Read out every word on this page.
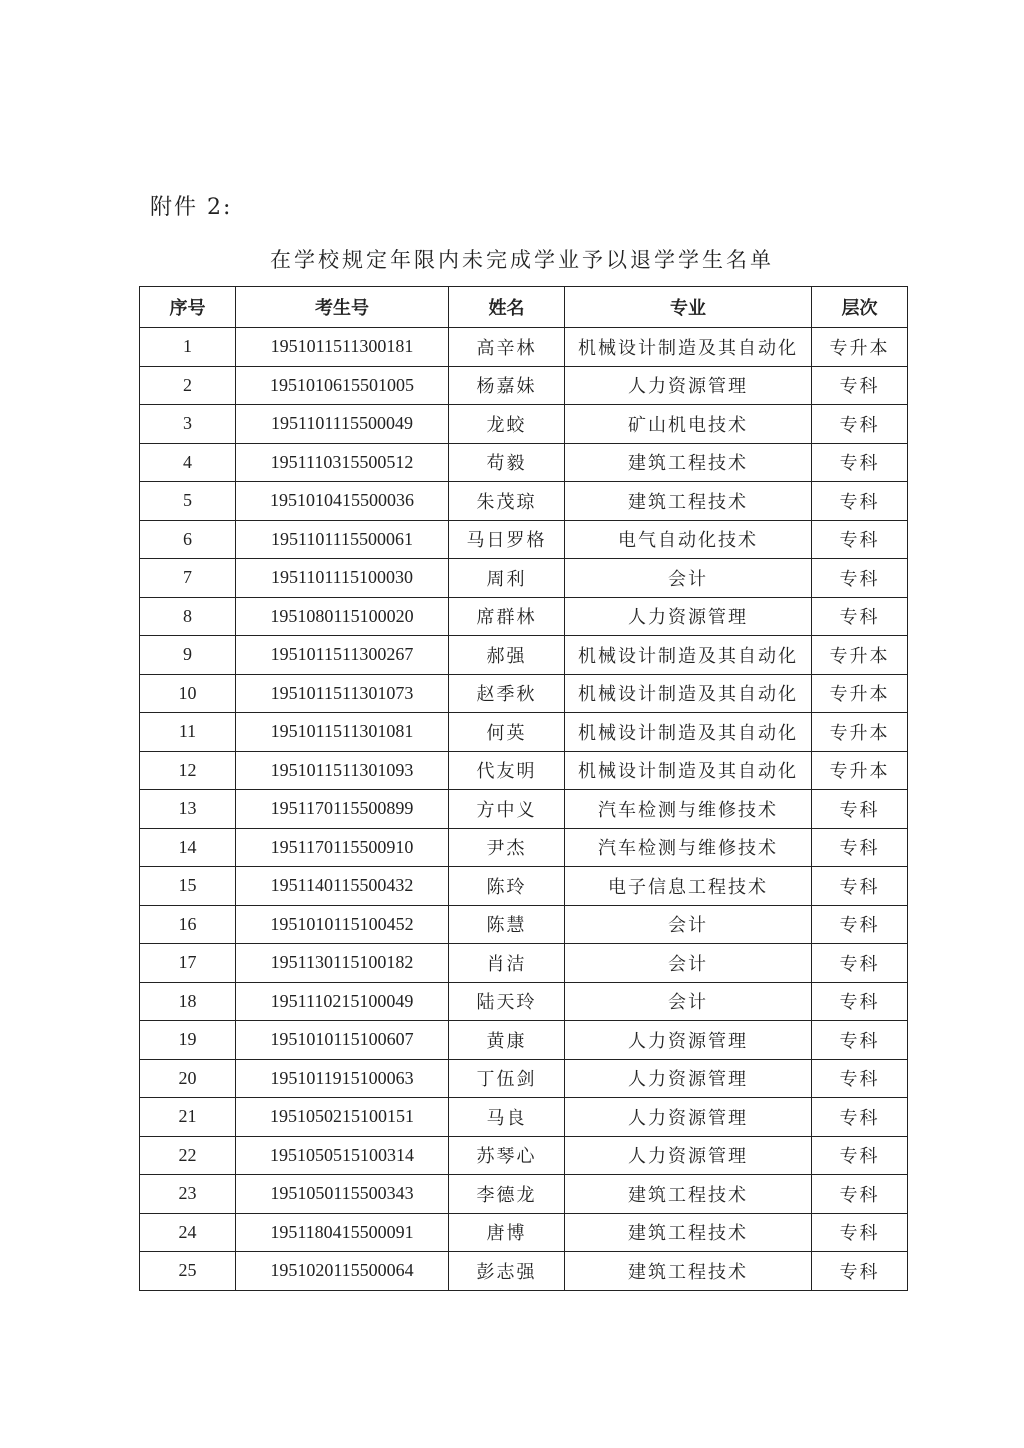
附件 2:
在学校规定年限内未完成学业予以退学学生名单
序号	考生号	姓名	专业	层次
1	1951011511300181	高辛林	机械设计制造及其自动化	专升本
2	1951010615501005	杨嘉妹	人力资源管理	专科
3	1951101115500049	龙蛟	矿山机电技术	专科
4	1951110315500512	苟毅	建筑工程技术	专科
5	1951010415500036	朱茂琼	建筑工程技术	专科
6	1951101115500061	马日罗格	电气自动化技术	专科
7	1951101115100030	周利	会计	专科
8	1951080115100020	席群林	人力资源管理	专科
9	1951011511300267	郝强	机械设计制造及其自动化	专升本
10	1951011511301073	赵季秋	机械设计制造及其自动化	专升本
11	1951011511301081	何英	机械设计制造及其自动化	专升本
12	1951011511301093	代友明	机械设计制造及其自动化	专升本
13	1951170115500899	方中义	汽车检测与维修技术	专科
14	1951170115500910	尹杰	汽车检测与维修技术	专科
15	1951140115500432	陈玲	电子信息工程技术	专科
16	1951010115100452	陈慧	会计	专科
17	1951130115100182	肖洁	会计	专科
18	1951110215100049	陆天玲	会计	专科
19	1951010115100607	黄康	人力资源管理	专科
20	1951011915100063	丁伍剑	人力资源管理	专科
21	1951050215100151	马良	人力资源管理	专科
22	1951050515100314	苏琴心	人力资源管理	专科
23	1951050115500343	李德龙	建筑工程技术	专科
24	1951180415500091	唐博	建筑工程技术	专科
25	1951020115500064	彭志强	建筑工程技术	专科
